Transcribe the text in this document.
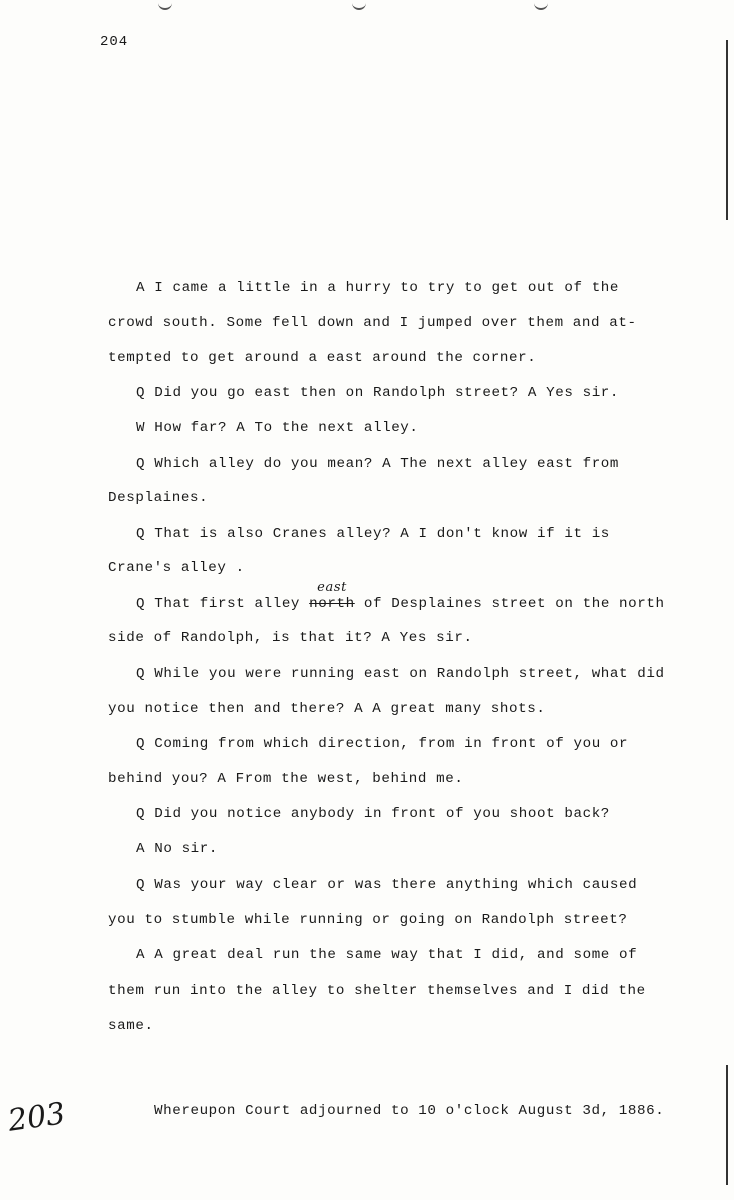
204
A I came a little in a hurry to try to get out of the
crowd south. Some fell down and I jumped over them and at-
tempted to get around a east around the corner.
Q Did you go east then on Randolph street? A Yes sir.
W How far? A To the next alley.
Q Which alley do you mean? A The next alley east from
Desplaines.
Q That is also Cranes alley? A I don't know if it is
Crane's alley .
Q That first alley north
east
of Desplaines street on the north
side of Randolph, is that it? A Yes sir.
Q While you were running east on Randolph street, what did
you notice then and there? A A great many shots.
Q Coming from which direction, from in front of you or
behind you? A From the west, behind me.
Q Did you notice anybody in front of you shoot back?
A No sir.
Q Was your way clear or was there anything which caused
you to stumble while running or going on Randolph street?
A A great deal run the same way that I did, and some of
them run into the alley to shelter themselves and I did the
same.
Whereupon Court adjourned to 10 o'clock August 3d, 1886.
203
